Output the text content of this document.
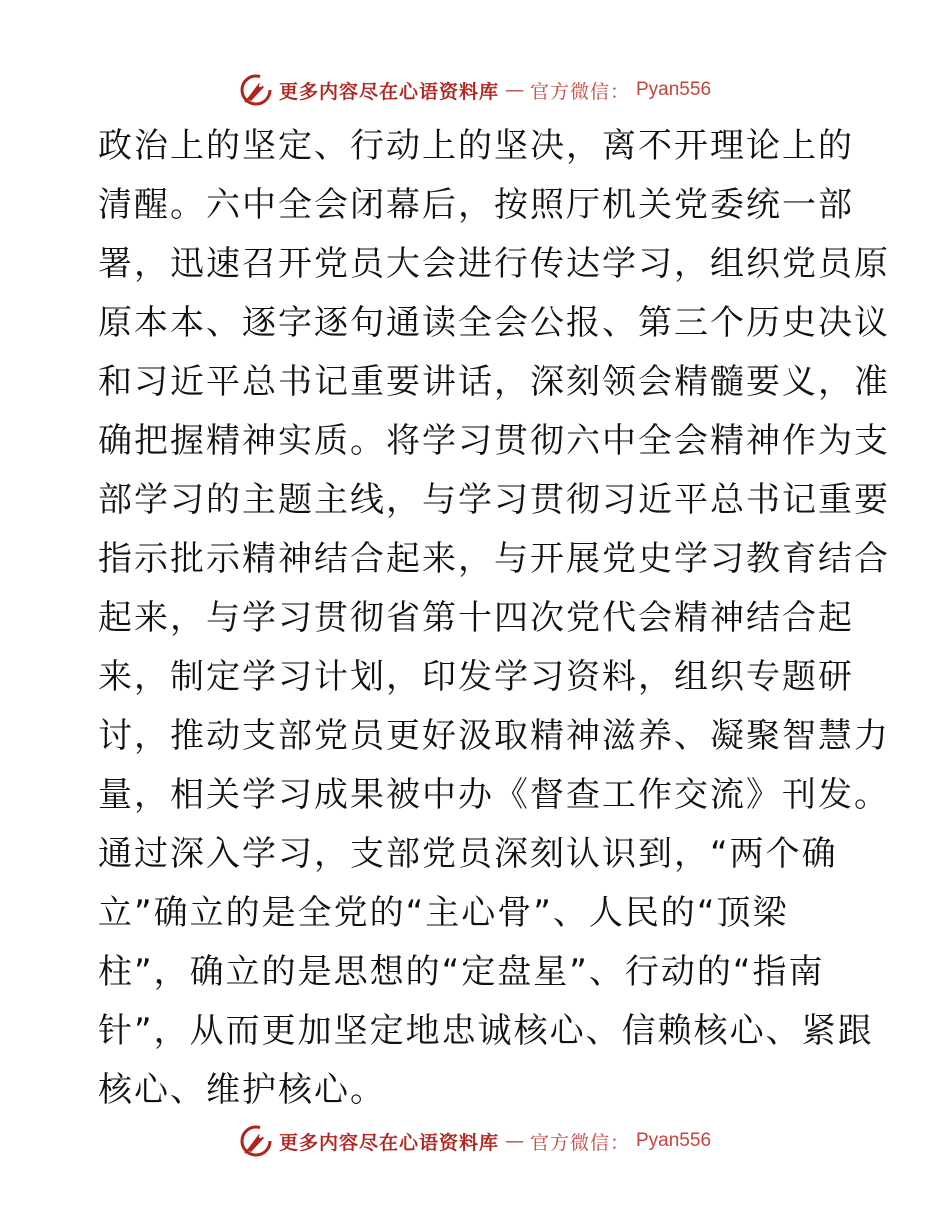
更多内容尽在心语资料库 — 官方微信： Pyan556
政治上的坚定、行动上的坚决，离不开理论上的
清醒。六中全会闭幕后，按照厅机关党委统一部
署，迅速召开党员大会进行传达学习，组织党员原
原本本、逐字逐句通读全会公报、第三个历史决议
和习近平总书记重要讲话，深刻领会精髓要义，准
确把握精神实质。将学习贯彻六中全会精神作为支
部学习的主题主线，与学习贯彻习近平总书记重要
指示批示精神结合起来，与开展党史学习教育结合
起来，与学习贯彻省第十四次党代会精神结合起
来，制定学习计划，印发学习资料，组织专题研
讨，推动支部党员更好汲取精神滋养、凝聚智慧力
量，相关学习成果被中办《督查工作交流》刊发。
通过深入学习，支部党员深刻认识到，“两个确
立”确立的是全党的“主心骨”、人民的“顶梁
柱”，确立的是思想的“定盘星”、行动的“指南
针”，从而更加坚定地忠诚核心、信赖核心、紧跟
核心、维护核心。
更多内容尽在心语资料库 — 官方微信： Pyan556
